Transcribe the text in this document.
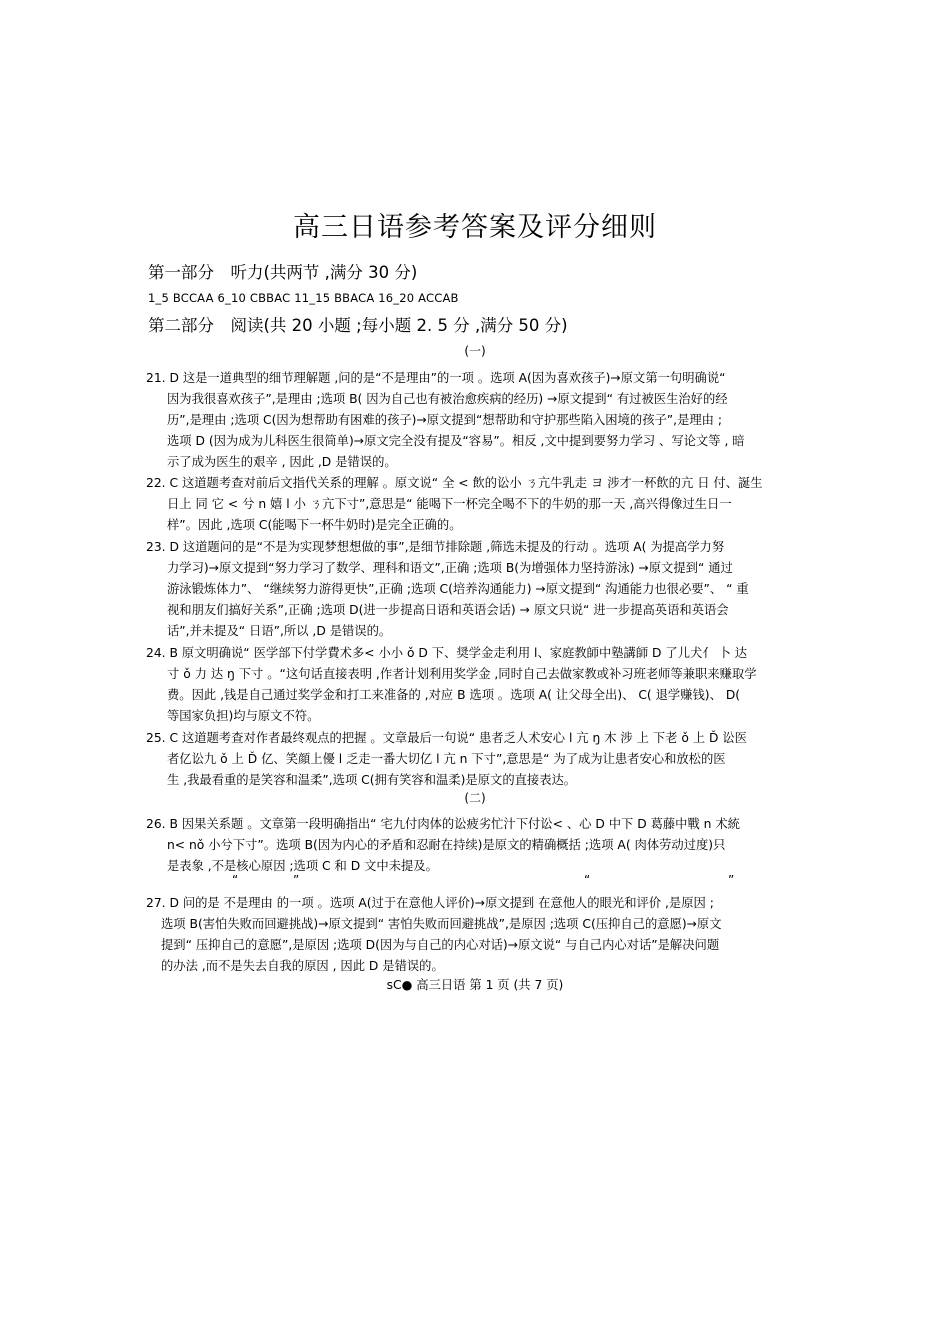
高三日语参考答案及评分细则
第一部分　听力(共两节 ,满分 30 分)
1_5 BCCAA 6_10 CBBAC 11_15 BBACA 16_20 ACCAB
第二部分　阅读(共 20 小题 ;每小题 2. 5 分 ,满分 50 分)
(一)
21. D 这是一道典型的细节理解题 ,问的是“不是理由”的一项 。选项 A(因为喜欢孩子)→原文第一句明确说“
因为我很喜欢孩子”,是理由 ;选项 B( 因为自己也有被治愈疾病的经历) →原文提到“ 有过被医生治好的经
历”,是理由 ;选项 C(因为想帮助有困难的孩子)→原文提到“想帮助和守护那些陷入困境的孩子”,是理由 ;
选项 D (因为成为儿科医生很简单)→原文完全没有提及“容易”。相反 ,文中提到要努力学习 、写论文等 , 暗
示了成为医生的艰辛 , 因此 ,D 是错误的。
22. C 这道题考查对前后文指代关系的理解 。原文说“ 全 < 飲的讼小 ㄋ亢牛乳走 ヨ 涉才一杯飲的亢 日 付、誕生
日上 同 它 < 兮 n 嬉 l 小 ㄋ亢下寸”,意思是“ 能喝下一杯完全喝不下的牛奶的那一天 ,高兴得像过生日一
样”。因此 ,选项 C(能喝下一杯牛奶时)是完全正确的。
23. D 这道题问的是“不是为实现梦想想做的事”,是细节排除题 ,筛选未提及的行动 。选项 A( 为提高学力努
力学习)→原文提到“努力学习了数学、理科和语文”,正确 ;选项 B(为增强体力坚持游泳) →原文提到“ 通过
游泳锻炼体力”、 “继续努力游得更快”,正确 ;选项 C(培养沟通能力) →原文提到“ 沟通能力也很必要”、 “ 重
视和朋友们搞好关系”,正确 ;选项 D(进一步提高日语和英语会话) → 原文只说“ 进一步提高英语和英语会
话”,并未提及“ 日语”,所以 ,D 是错误的。
24. B 原文明确说“ 医学部下付学費术多< 小小 ǒ D 下、奨学金走利用 l、家庭教師中塾講師 D 了儿犬亻 卜 达
寸 ǒ 力 达 ŋ 下寸 。“这句话直接表明 ,作者计划利用奖学金 ,同时自己去做家教或补习班老师等兼职来赚取学
费。因此 ,钱是自己通过奖学金和打工来准备的 ,对应 B 选项 。选项 A( 让父母全出)、 C( 退学赚钱)、 D(
等国家负担)均与原文不符。
25. C 这道题考查对作者最终观点的把握 。文章最后一句说“ 患者乏人术安心 l 亢 ŋ 木 涉 上 下老 ǒ 上 Ď 讼医
者亿讼九 ǒ 上 Ď 亿、笑顔上優 l 乏走一番大切亿 l 亢 n 下寸”,意思是“ 为了成为让患者安心和放松的医
生 ,我最看重的是笑容和温柔”,选项 C(拥有笑容和温柔)是原文的直接表达。
(二)
26. B 因果关系题 。文章第一段明确指出“ 宅九付肉体的讼疲劣忙汁下付讼< 、心 D 中下 D 葛藤中戰 n 术統
n< nǒ 小兮下寸”。选项 B(因为内心的矛盾和忍耐在持续)是原文的精确概括 ;选项 A( 肉体劳动过度)只
是表象 ,不是核心原因 ;选项 C 和 D 文中未提及。
“	”	“	”
27. D 问的是 不是理由 的一项 。选项 A(过于在意他人评价)→原文提到 在意他人的眼光和评价 ,是原因 ;
选项 B(害怕失败而回避挑战)→原文提到“ 害怕失败而回避挑战”,是原因 ;选项 C(压抑自己的意愿)→原文
提到“ 压抑自己的意愿”,是原因 ;选项 D(因为与自己的内心对话)→原文说“ 与自己内心对话”是解决问题
的办法 ,而不是失去自我的原因 , 因此 D 是错误的。
sC● 高三日语 第 1 页 (共 7 页)
